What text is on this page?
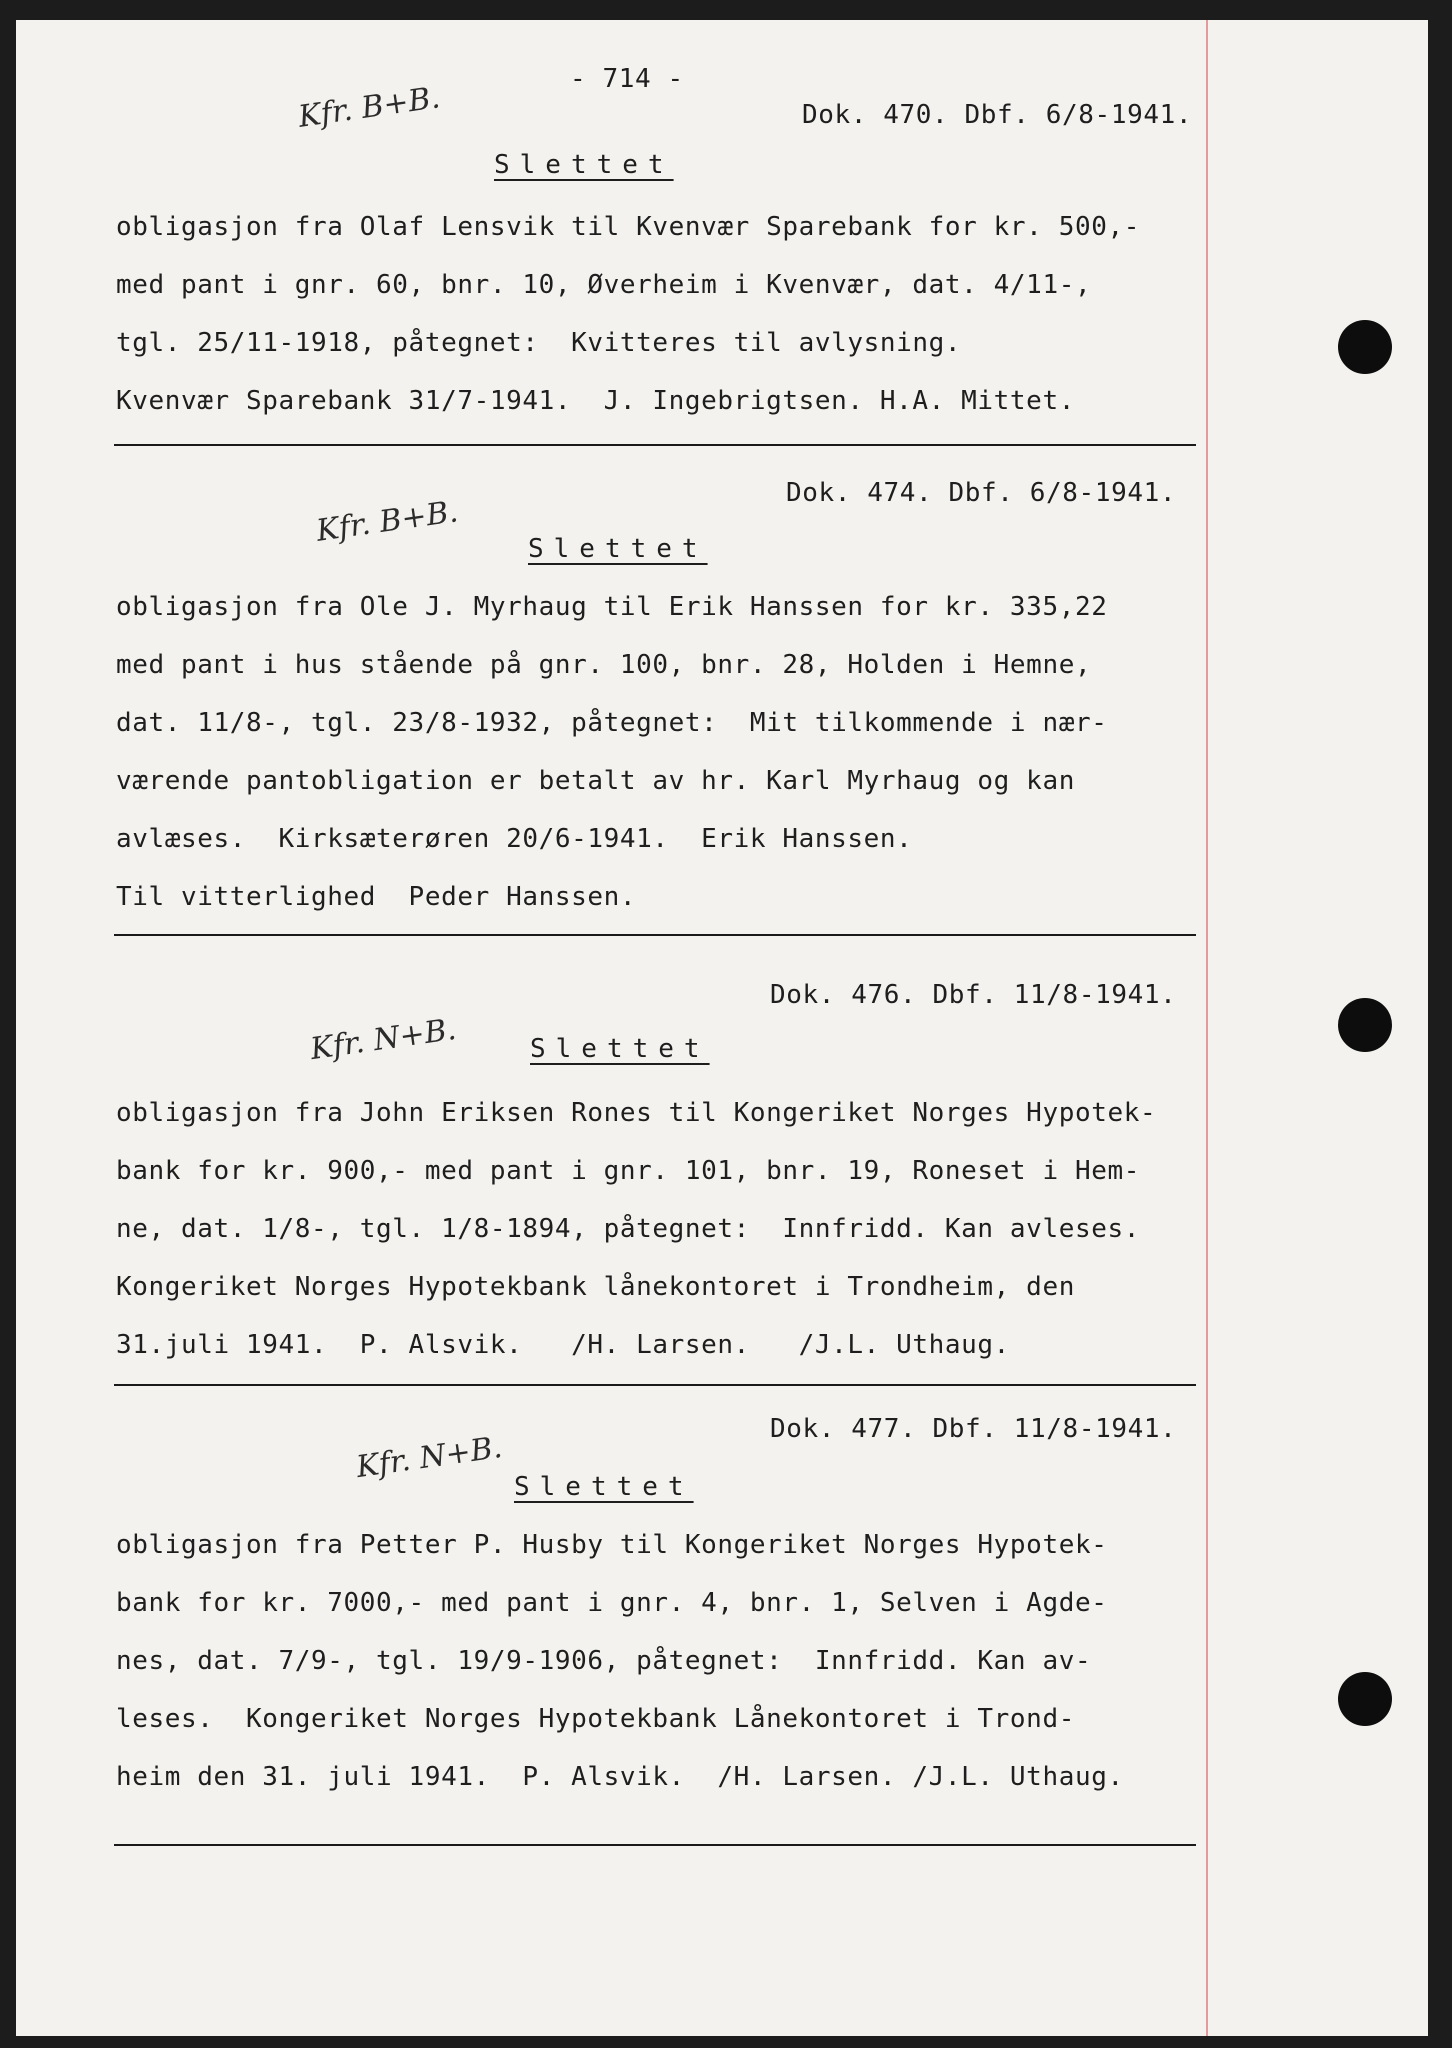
- 714 -
Kfr. B+B.	Dok. 470. Dbf. 6/8-1941.
Slettet
obligasjon fra Olaf Lensvik til Kvenvær Sparebank for kr. 500,-
med pant i gnr. 60, bnr. 10, Øverheim i Kvenvær, dat. 4/11-,
tgl. 25/11-1918, påtegnet:  Kvitteres til avlysning.
Kvenvær Sparebank 31/7-1941.  J. Ingebrigtsen. H.A. Mittet.
Dok. 474. Dbf. 6/8-1941.
Kfr. B+B.
Slettet
obligasjon fra Ole J. Myrhaug til Erik Hanssen for kr. 335,22
med pant i hus stående på gnr. 100, bnr. 28, Holden i Hemne,
dat. 11/8-, tgl. 23/8-1932, påtegnet:  Mit tilkommende i nær-
værende pantobligation er betalt av hr. Karl Myrhaug og kan
avlæses.  Kirksæterøren 20/6-1941.  Erik Hanssen.
Til vitterlighed  Peder Hanssen.
Dok. 476. Dbf. 11/8-1941.
Kfr. N+B.	Slettet
obligasjon fra John Eriksen Rones til Kongeriket Norges Hypotek-
bank for kr. 900,- med pant i gnr. 101, bnr. 19, Roneset i Hem-
ne, dat. 1/8-, tgl. 1/8-1894, påtegnet:  Innfridd. Kan avleses.
Kongeriket Norges Hypotekbank lånekontoret i Trondheim, den
31.juli 1941.  P. Alsvik.   /H. Larsen.   /J.L. Uthaug.
Dok. 477. Dbf. 11/8-1941.
Kfr. N+B.
Slettet
obligasjon fra Petter P. Husby til Kongeriket Norges Hypotek-
bank for kr. 7000,- med pant i gnr. 4, bnr. 1, Selven i Agde-
nes, dat. 7/9-, tgl. 19/9-1906, påtegnet:  Innfridd. Kan av-
leses.  Kongeriket Norges Hypotekbank Lånekontoret i Trond-
heim den 31. juli 1941.  P. Alsvik.  /H. Larsen. /J.L. Uthaug.
